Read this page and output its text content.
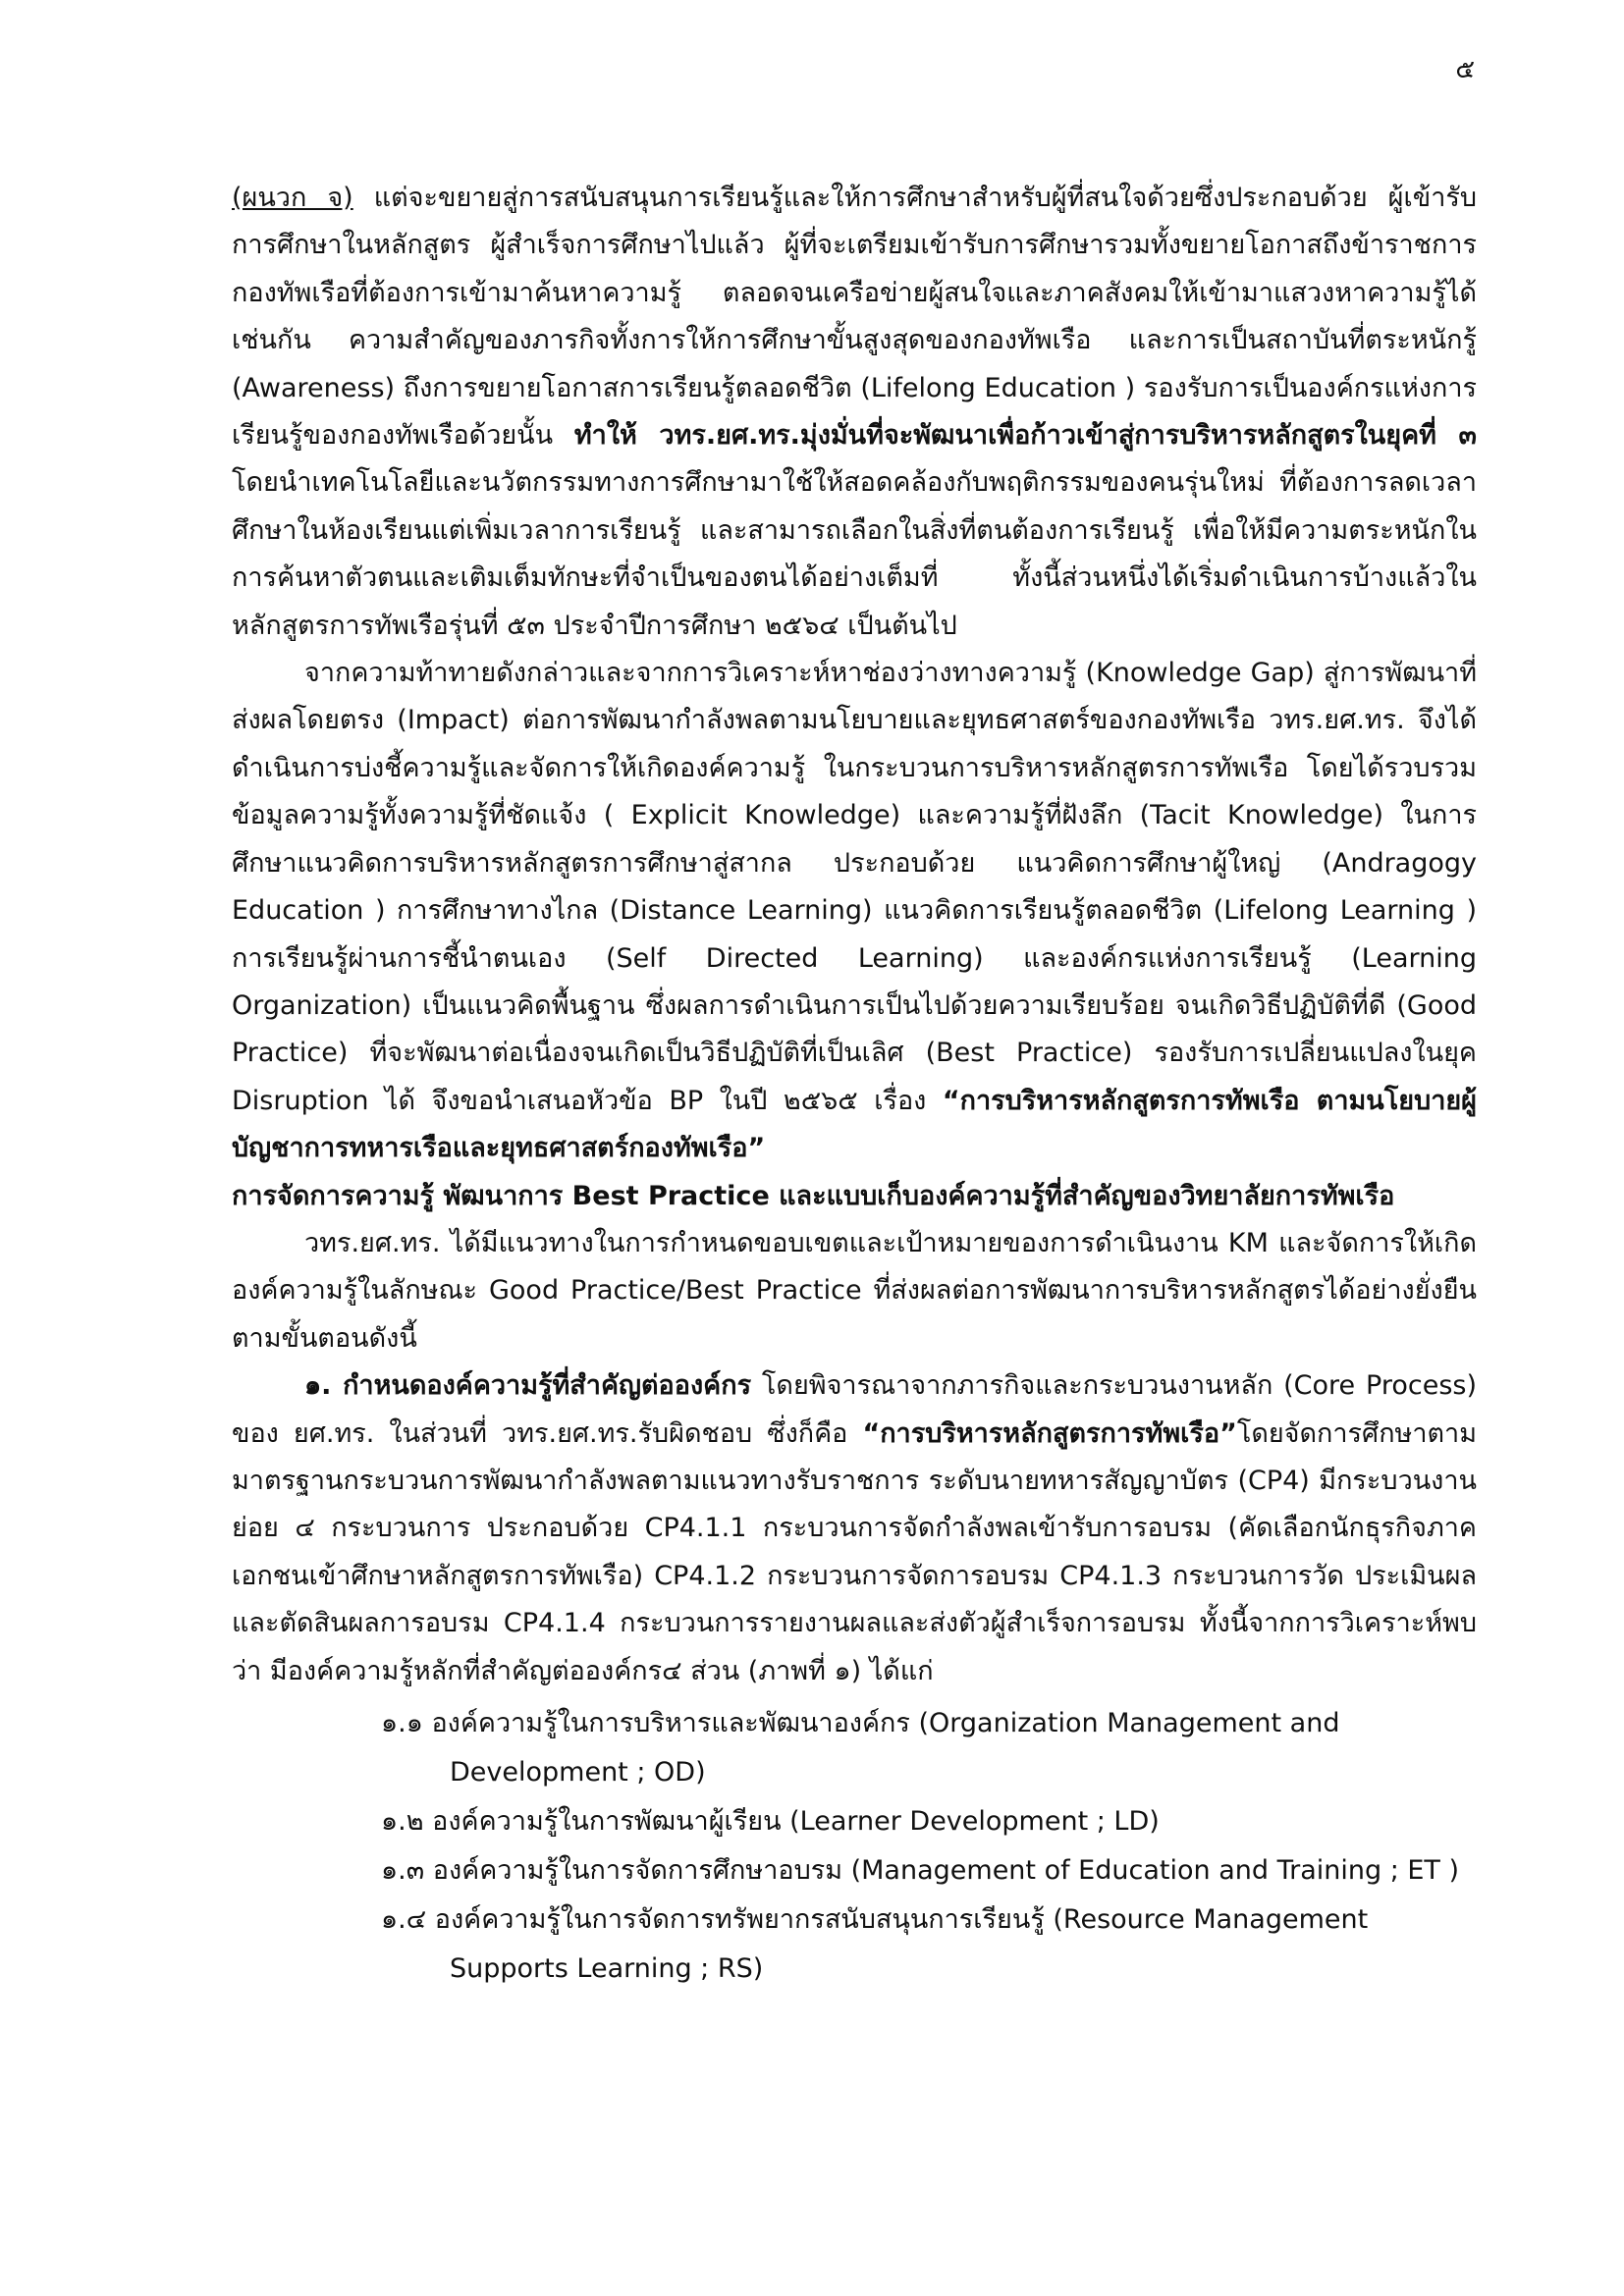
๕

(ผนวก จ) แต่จะขยายสู่การสนับสนุนการเรียนรู้และให้การศึกษาสำหรับผู้ที่สนใจด้วยซึ่งประกอบด้วย ผู้เข้ารับการศึกษาในหลักสูตร ผู้สำเร็จการศึกษาไปแล้ว ผู้ที่จะเตรียมเข้ารับการศึกษารวมทั้งขยายโอกาสถึงข้าราชการกองทัพเรือที่ต้องการเข้ามาค้นหาความรู้ ตลอดจนเครือข่ายผู้สนใจและภาคสังคมให้เข้ามาแสวงหาความรู้ได้เช่นกัน ความสำคัญของภารกิจทั้งการให้การศึกษาขั้นสูงสุดของกองทัพเรือ และการเป็นสถาบันที่ตระหนักรู้ (Awareness) ถึงการขยายโอกาสการเรียนรู้ตลอดชีวิต (Lifelong Education ) รองรับการเป็นองค์กรแห่งการเรียนรู้ของกองทัพเรือด้วยนั้น ทำให้ วทร.ยศ.ทร.มุ่งมั่นที่จะพัฒนาเพื่อก้าวเข้าสู่การบริหารหลักสูตรในยุคที่ ๓ โดยนำเทคโนโลยีและนวัตกรรมทางการศึกษามาใช้ให้สอดคล้องกับพฤติกรรมของคนรุ่นใหม่ ที่ต้องการลดเวลาศึกษาในห้องเรียนแต่เพิ่มเวลาการเรียนรู้ และสามารถเลือกในสิ่งที่ตนต้องการเรียนรู้ เพื่อให้มีความตระหนักในการค้นหาตัวตนและเติมเต็มทักษะที่จำเป็นของตนได้อย่างเต็มที่ ทั้งนี้ส่วนหนึ่งได้เริ่มดำเนินการบ้างแล้วในหลักสูตรการทัพเรือรุ่นที่ ๕๓ ประจำปีการศึกษา ๒๕๖๔ เป็นต้นไป

จากความท้าทายดังกล่าวและจากการวิเคราะห์หาช่องว่างทางความรู้ (Knowledge Gap) สู่การพัฒนาที่ส่งผลโดยตรง (Impact) ต่อการพัฒนากำลังพลตามนโยบายและยุทธศาสตร์ของกองทัพเรือ วทร.ยศ.ทร. จึงได้ดำเนินการบ่งชี้ความรู้และจัดการให้เกิดองค์ความรู้ ในกระบวนการบริหารหลักสูตรการทัพเรือ โดยได้รวบรวมข้อมูลความรู้ทั้งความรู้ที่ชัดแจ้ง ( Explicit Knowledge) และความรู้ที่ฝังลึก (Tacit Knowledge) ในการศึกษาแนวคิดการบริหารหลักสูตรการศึกษาสู่สากล ประกอบด้วย แนวคิดการศึกษาผู้ใหญ่ (Andragogy Education ) การศึกษาทางไกล (Distance Learning) แนวคิดการเรียนรู้ตลอดชีวิต (Lifelong Learning ) การเรียนรู้ผ่านการชี้นำตนเอง (Self Directed Learning) และองค์กรแห่งการเรียนรู้ (Learning Organization) เป็นแนวคิดพื้นฐาน ซึ่งผลการดำเนินการเป็นไปด้วยความเรียบร้อย จนเกิดวิธีปฏิบัติที่ดี (Good Practice) ที่จะพัฒนาต่อเนื่องจนเกิดเป็นวิธีปฏิบัติที่เป็นเลิศ (Best Practice) รองรับการเปลี่ยนแปลงในยุค Disruption ได้ จึงขอนำเสนอหัวข้อ BP ในปี ๒๕๖๕ เรื่อง “การบริหารหลักสูตรการทัพเรือ ตามนโยบายผู้บัญชาการทหารเรือและยุทธศาสตร์กองทัพเรือ”

การจัดการความรู้ พัฒนาการ Best Practice และแบบเก็บองค์ความรู้ที่สำคัญของวิทยาลัยการทัพเรือ

วทร.ยศ.ทร. ได้มีแนวทางในการกำหนดขอบเขตและเป้าหมายของการดำเนินงาน KM และจัดการให้เกิดองค์ความรู้ในลักษณะ Good Practice/Best Practice ที่ส่งผลต่อการพัฒนาการบริหารหลักสูตรได้อย่างยั่งยืน ตามขั้นตอนดังนี้

๑. กำหนดองค์ความรู้ที่สำคัญต่อองค์กร โดยพิจารณาจากภารกิจและกระบวนงานหลัก (Core Process) ของ ยศ.ทร. ในส่วนที่ วทร.ยศ.ทร.รับผิดชอบ ซึ่งก็คือ “การบริหารหลักสูตรการทัพเรือ”โดยจัดการศึกษาตามมาตรฐานกระบวนการพัฒนากำลังพลตามแนวทางรับราชการ ระดับนายทหารสัญญาบัตร (CP4) มีกระบวนงานย่อย ๔ กระบวนการ ประกอบด้วย CP4.1.1 กระบวนการจัดกำลังพลเข้ารับการอบรม (คัดเลือกนักธุรกิจภาคเอกชนเข้าศึกษาหลักสูตรการทัพเรือ) CP4.1.2 กระบวนการจัดการอบรม CP4.1.3 กระบวนการวัด ประเมินผล และตัดสินผลการอบรม CP4.1.4 กระบวนการรายงานผลและส่งตัวผู้สำเร็จการอบรม ทั้งนี้จากการวิเคราะห์พบว่า มีองค์ความรู้หลักที่สำคัญต่อองค์กร๔ ส่วน (ภาพที่ ๑) ได้แก่

๑.๑ องค์ความรู้ในการบริหารและพัฒนาองค์กร (Organization Management and Development ; OD)
๑.๒ องค์ความรู้ในการพัฒนาผู้เรียน (Learner Development ; LD)
๑.๓ องค์ความรู้ในการจัดการศึกษาอบรม (Management of Education and Training ; ET )
๑.๔ องค์ความรู้ในการจัดการทรัพยากรสนับสนุนการเรียนรู้ (Resource Management Supports Learning ; RS)
